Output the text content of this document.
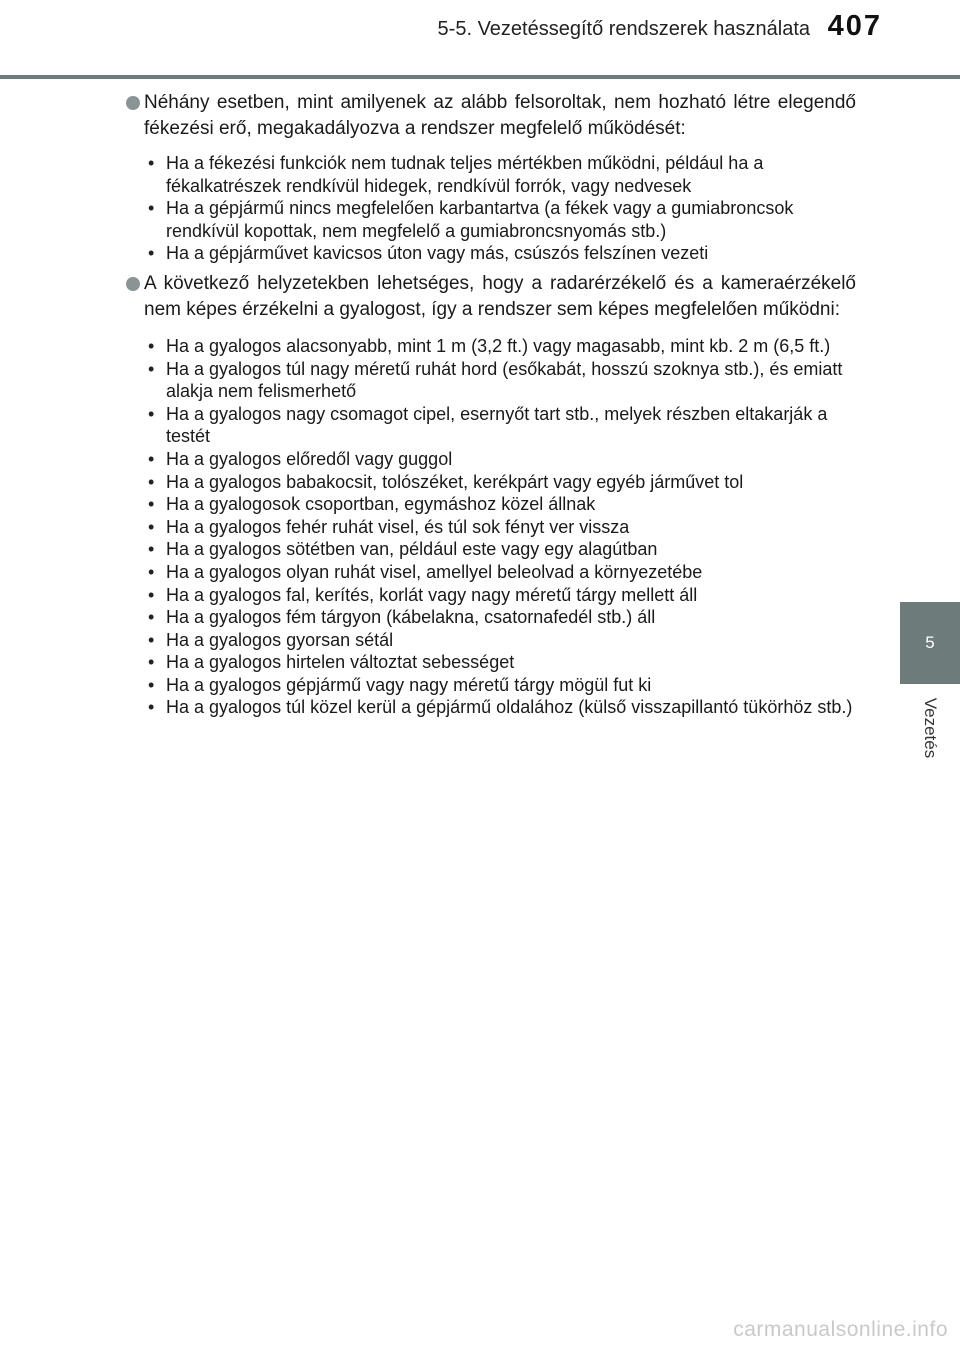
5-5. Vezetéssegítő rendszerek használata 407
5
Vezetés
Néhány esetben, mint amilyenek az alább felsoroltak, nem hozható létre elegendő fékezési erő, megakadályozva a rendszer megfelelő működését:
• Ha a fékezési funkciók nem tudnak teljes mértékben működni, például ha a fékalkatrészek rendkívül hidegek, rendkívül forrók, vagy nedvesek
• Ha a gépjármű nincs megfelelően karbantartva (a fékek vagy a gumiabroncsok rendkívül kopottak, nem megfelelő a gumiabroncsnyomás stb.)
• Ha a gépjárművet kavicsos úton vagy más, csúszós felszínen vezeti
A következő helyzetekben lehetséges, hogy a radarérzékelő és a kameraérzékelő nem képes érzékelni a gyalogost, így a rendszer sem képes megfelelően működni:
• Ha a gyalogos alacsonyabb, mint 1 m (3,2 ft.) vagy magasabb, mint kb. 2 m (6,5 ft.)
• Ha a gyalogos túl nagy méretű ruhát hord (esőkabát, hosszú szoknya stb.), és emiatt alakja nem felismerhető
• Ha a gyalogos nagy csomagot cipel, esernyőt tart stb., melyek részben eltakarják a testét
• Ha a gyalogos előredől vagy guggol
• Ha a gyalogos babakocsit, tolószéket, kerékpárt vagy egyéb járművet tol
• Ha a gyalogosok csoportban, egymáshoz közel állnak
• Ha a gyalogos fehér ruhát visel, és túl sok fényt ver vissza
• Ha a gyalogos sötétben van, például este vagy egy alagútban
• Ha a gyalogos olyan ruhát visel, amellyel beleolvad a környezetébe
• Ha a gyalogos fal, kerítés, korlát vagy nagy méretű tárgy mellett áll
• Ha a gyalogos fém tárgyon (kábelakna, csatornafedél stb.) áll
• Ha a gyalogos gyorsan sétál
• Ha a gyalogos hirtelen változtat sebességet
• Ha a gyalogos gépjármű vagy nagy méretű tárgy mögül fut ki
• Ha a gyalogos túl közel kerül a gépjármű oldalához (külső visszapillantó tükörhöz stb.)
carmanualsonline.info
